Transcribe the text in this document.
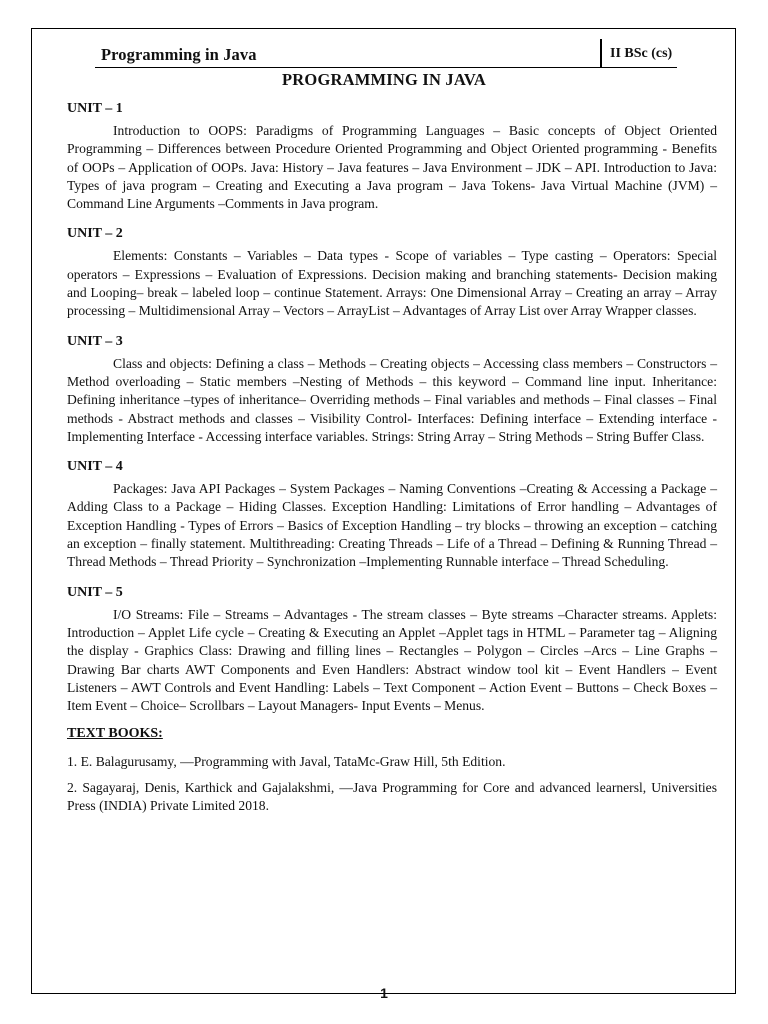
Programming in Java	II BSc (cs)
PROGRAMMING IN JAVA

UNIT – 1

Introduction to OOPS: Paradigms of Programming Languages – Basic concepts of Object Oriented Programming – Differences between Procedure Oriented Programming and Object Oriented programming - Benefits of OOPs – Application of OOPs. Java: History – Java features – Java Environment – JDK – API. Introduction to Java: Types of java program – Creating and Executing a Java program – Java Tokens- Java Virtual Machine (JVM) – Command Line Arguments –Comments in Java program.

UNIT – 2

Elements: Constants – Variables – Data types - Scope of variables – Type casting – Operators: Special operators – Expressions – Evaluation of Expressions. Decision making and branching statements- Decision making and Looping– break – labeled loop – continue Statement. Arrays: One Dimensional Array – Creating an array – Array processing – Multidimensional Array – Vectors – ArrayList – Advantages of Array List over Array Wrapper classes.

UNIT – 3

Class and objects: Defining a class – Methods – Creating objects – Accessing class members – Constructors – Method overloading – Static members –Nesting of Methods – this keyword – Command line input. Inheritance: Defining inheritance –types of inheritance– Overriding methods – Final variables and methods – Final classes – Final methods - Abstract methods and classes – Visibility Control- Interfaces: Defining interface – Extending interface - Implementing Interface - Accessing interface variables. Strings: String Array – String Methods – String Buffer Class.

UNIT – 4

Packages: Java API Packages – System Packages – Naming Conventions –Creating & Accessing a Package – Adding Class to a Package – Hiding Classes. Exception Handling: Limitations of Error handling – Advantages of Exception Handling - Types of Errors – Basics of Exception Handling – try blocks – throwing an exception – catching an exception – finally statement. Multithreading: Creating Threads – Life of a Thread – Defining & Running Thread – Thread Methods – Thread Priority – Synchronization –Implementing Runnable interface – Thread Scheduling.

UNIT – 5

I/O Streams: File – Streams – Advantages - The stream classes – Byte streams –Character streams. Applets: Introduction – Applet Life cycle – Creating & Executing an Applet –Applet tags in HTML – Parameter tag – Aligning the display - Graphics Class: Drawing and filling lines – Rectangles – Polygon – Circles –Arcs – Line Graphs – Drawing Bar charts AWT Components and Even Handlers: Abstract window tool kit – Event Handlers – Event Listeners – AWT Controls and Event Handling: Labels – Text Component – Action Event – Buttons – Check Boxes – Item Event – Choice– Scrollbars – Layout Managers- Input Events – Menus.

TEXT BOOKS:

1. E. Balagurusamy, ―Programming with Javal, TataMc-Graw Hill, 5th Edition.

2. Sagayaraj, Denis, Karthick and Gajalakshmi, ―Java Programming for Core and advanced learnersl, Universities Press (INDIA) Private Limited 2018.

1
